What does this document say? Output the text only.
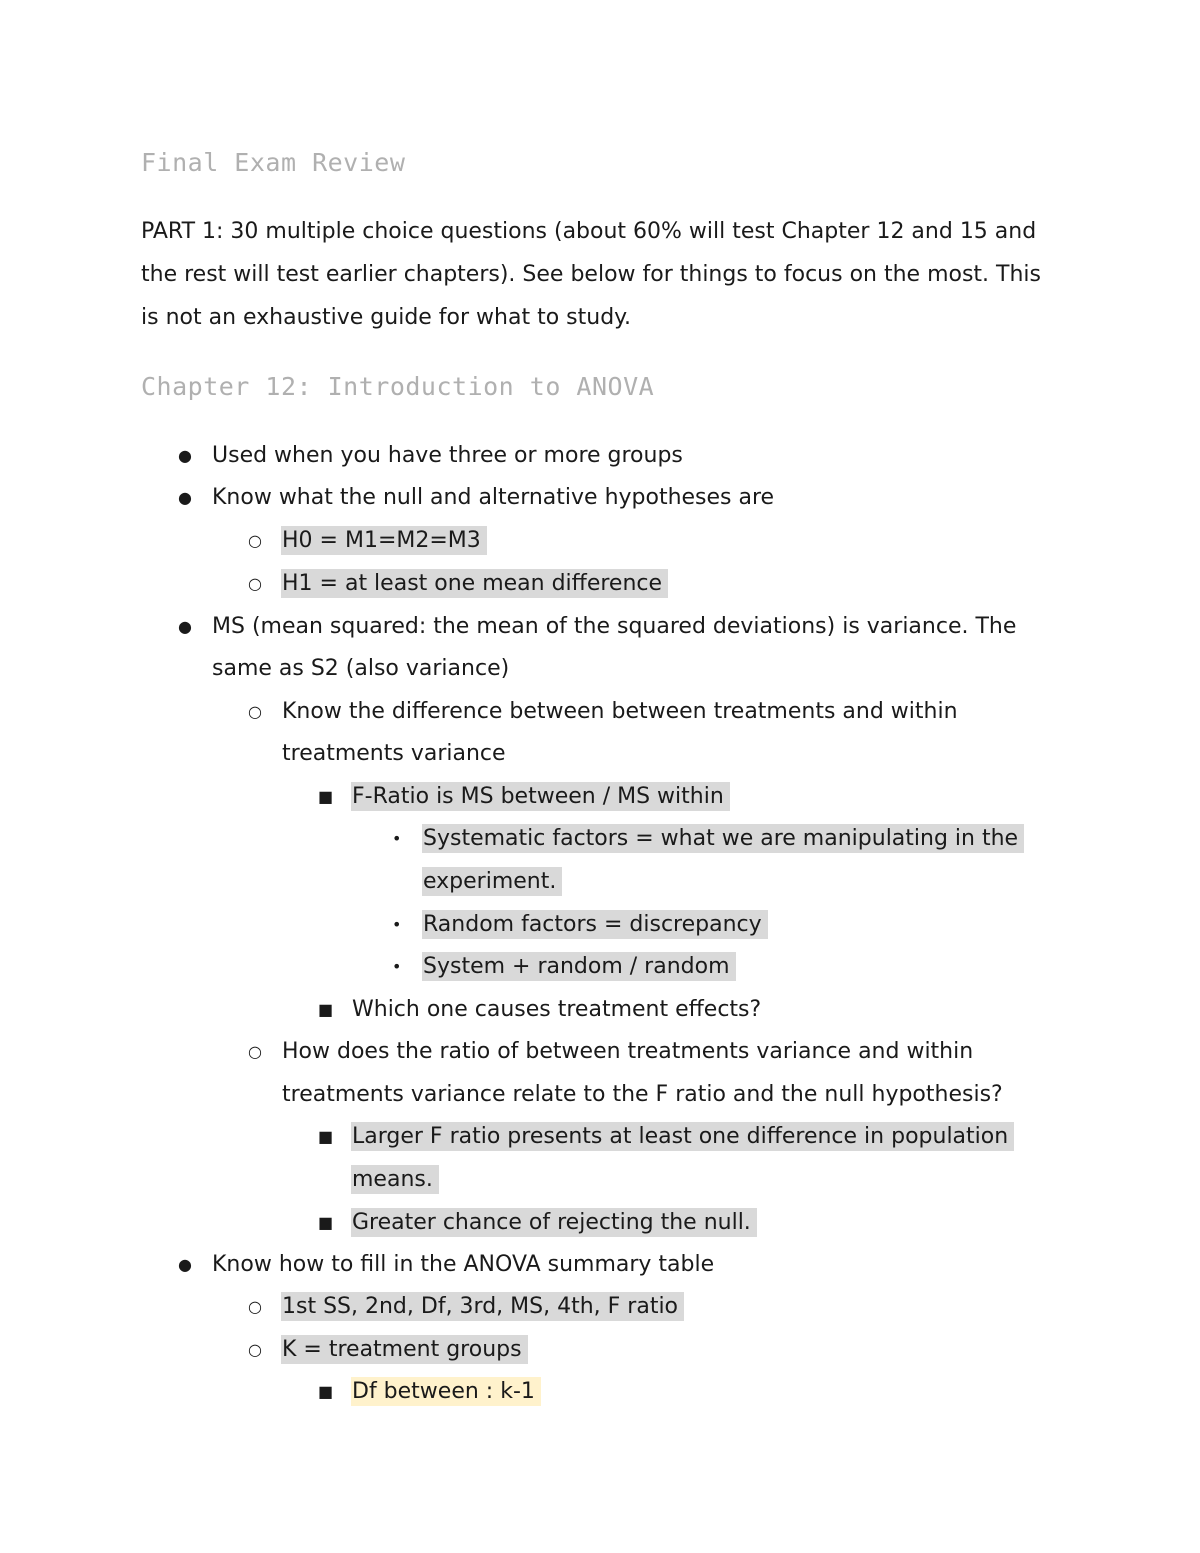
Final Exam Review
PART 1: 30 multiple choice questions (about 60% will test Chapter 12 and 15 and
the rest will test earlier chapters). See below for things to focus on the most. This
is not an exhaustive guide for what to study.
Chapter 12: Introduction to ANOVA
● Used when you have three or more groups
● Know what the null and alternative hypotheses are
○ H0 = M1=M2=M3
○ H1 = at least one mean difference
● MS (mean squared: the mean of the squared deviations) is variance. The
same as S2 (also variance)
○ Know the difference between between treatments and within
treatments variance
■ F-Ratio is MS between / MS within
• Systematic factors = what we are manipulating in the
experiment.
• Random factors = discrepancy
• System + random / random
■ Which one causes treatment effects?
○ How does the ratio of between treatments variance and within
treatments variance relate to the F ratio and the null hypothesis?
■ Larger F ratio presents at least one difference in population
means.
■ Greater chance of rejecting the null.
● Know how to fill in the ANOVA summary table
○ 1st SS, 2nd, Df, 3rd, MS, 4th, F ratio
○ K = treatment groups
■ Df between : k-1
